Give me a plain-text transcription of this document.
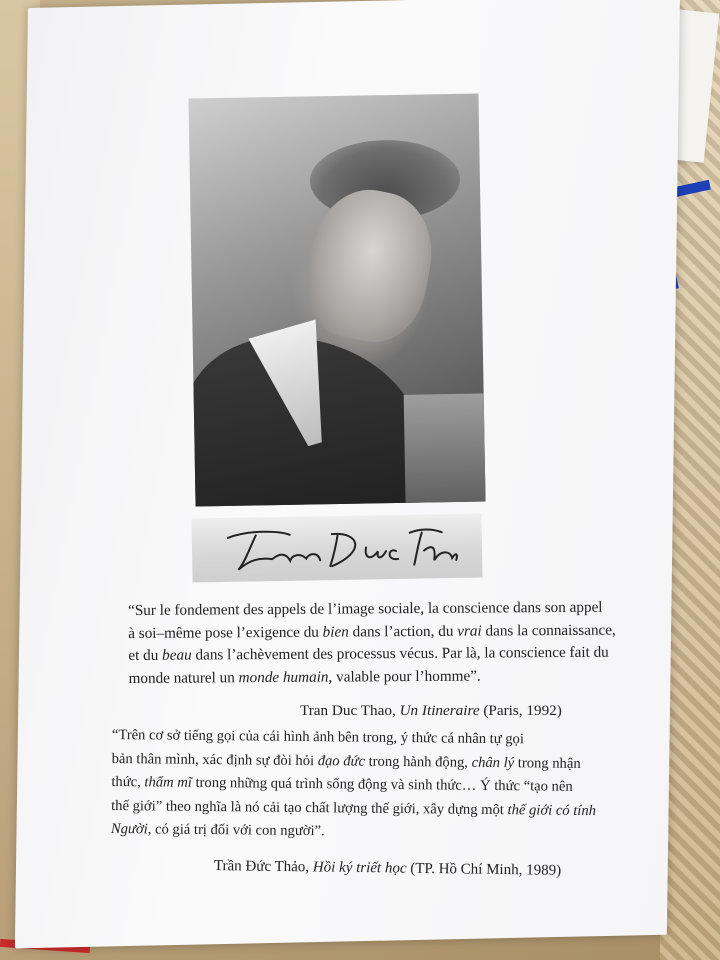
“Sur le fondement des appels de l’image sociale, la conscience dans son appel
à soi–même pose l’exigence du bien dans l’action, du vrai dans la connaissance,
et du beau dans l’achèvement des processus vécus. Par là, la conscience fait du
monde naturel un monde humain, valable pour l’homme”.
Tran Duc Thao, Un Itineraire (Paris, 1992)
“Trên cơ sở tiếng gọi của cái hình ảnh bên trong, ý thức cá nhân tự gọi
bản thân mình, xác định sự đòi hỏi đạo đức trong hành động, chân lý trong nhận
thức, thẩm mĩ trong những quá trình sống động và sinh thức… Ý thức “tạo nên
thế giới” theo nghĩa là nó cải tạo chất lượng thế giới, xây dựng một thế giới có tính
Người, có giá trị đối với con người”.
Trần Đức Thảo, Hồi ký triết học (TP. Hồ Chí Minh, 1989)
